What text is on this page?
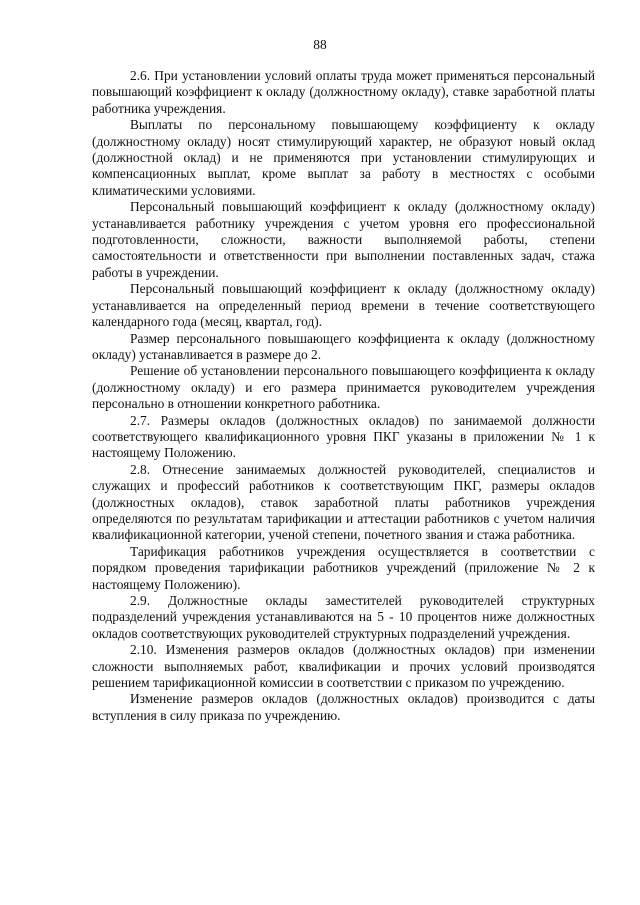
88

2.6. При установлении условий оплаты труда может применяться персональный повышающий коэффициент к окладу (должностному окладу), ставке заработной платы работника учреждения.

Выплаты по персональному повышающему коэффициенту к окладу (должностному окладу) носят стимулирующий характер, не образуют новый оклад (должностной оклад) и не применяются при установлении стимулирующих и компенсационных выплат, кроме выплат за работу в местностях с особыми климатическими условиями.

Персональный повышающий коэффициент к окладу (должностному окладу) устанавливается работнику учреждения с учетом уровня его профессиональной подготовленности, сложности, важности выполняемой работы, степени самостоятельности и ответственности при выполнении поставленных задач, стажа работы в учреждении.

Персональный повышающий коэффициент к окладу (должностному окладу) устанавливается на определенный период времени в течение соответствующего календарного года (месяц, квартал, год).

Размер персонального повышающего коэффициента к окладу (должностному окладу) устанавливается в размере до 2.

Решение об установлении персонального повышающего коэффициента к окладу (должностному окладу) и его размера принимается руководителем учреждения персонально в отношении конкретного работника.

2.7. Размеры окладов (должностных окладов) по занимаемой должности соответствующего квалификационного уровня ПКГ указаны в приложении № 1 к настоящему Положению.

2.8. Отнесение занимаемых должностей руководителей, специалистов и служащих и профессий работников к соответствующим ПКГ, размеры окладов (должностных окладов), ставок заработной платы работников учреждения определяются по результатам тарификации и аттестации работников с учетом наличия квалификационной категории, ученой степени, почетного звания и стажа работника.

Тарификация работников учреждения осуществляется в соответствии с порядком проведения тарификации работников учреждений (приложение № 2 к настоящему Положению).

2.9. Должностные оклады заместителей руководителей структурных подразделений учреждения устанавливаются на 5 - 10 процентов ниже должностных окладов соответствующих руководителей структурных подразделений учреждения.

2.10. Изменения размеров окладов (должностных окладов) при изменении сложности выполняемых работ, квалификации и прочих условий производятся решением тарификационной комиссии в соответствии с приказом по учреждению.

Изменение размеров окладов (должностных окладов) производится с даты вступления в силу приказа по учреждению.
